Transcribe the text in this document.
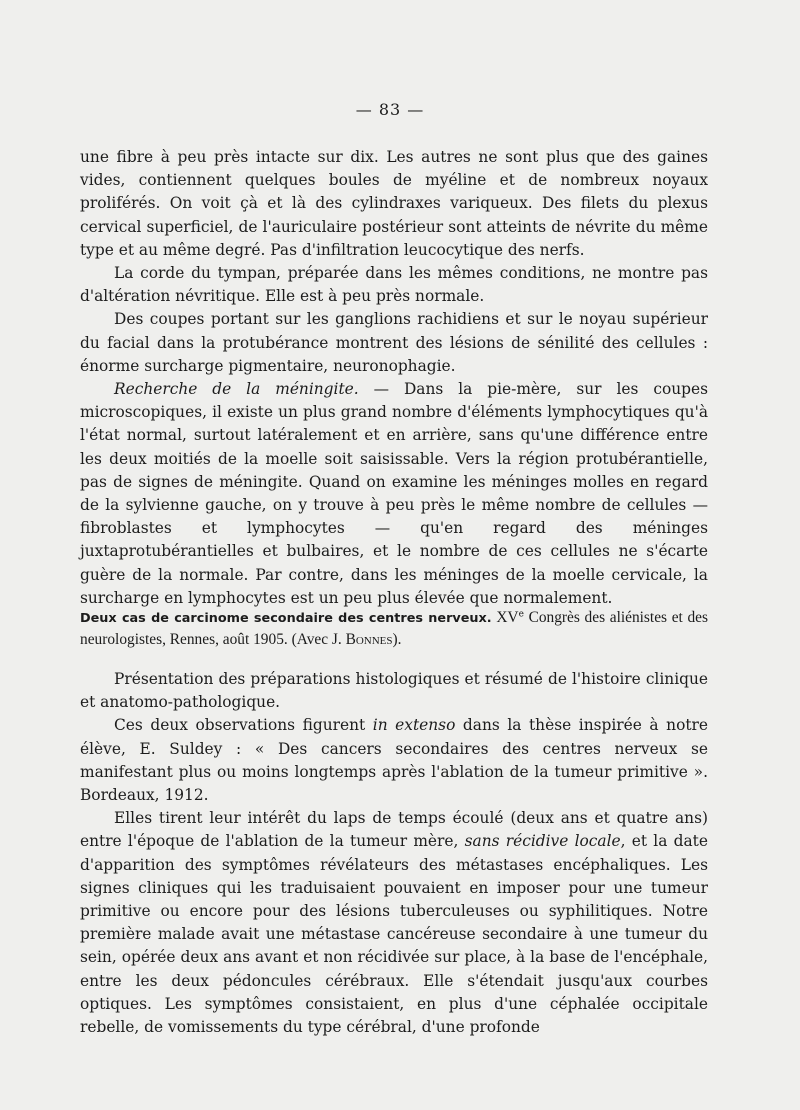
— 83 —

une fibre à peu près intacte sur dix. Les autres ne sont plus que des gaines vides, contiennent quelques boules de myéline et de nombreux noyaux proliférés. On voit çà et là des cylindraxes variqueux. Des filets du plexus cervical superficiel, de l'auriculaire postérieur sont atteints de névrite du même type et au même degré. Pas d'infiltration leucocytique des nerfs.

La corde du tympan, préparée dans les mêmes conditions, ne montre pas d'altération névritique. Elle est à peu près normale.

Des coupes portant sur les ganglions rachidiens et sur le noyau supérieur du facial dans la protubérance montrent des lésions de sénilité des cellules : énorme surcharge pigmentaire, neuronophagie.

Recherche de la méningite. — Dans la pie-mère, sur les coupes microscopiques, il existe un plus grand nombre d'éléments lymphocytiques qu'à l'état normal, surtout latéralement et en arrière, sans qu'une différence entre les deux moitiés de la moelle soit saisissable. Vers la région protubérantielle, pas de signes de méningite. Quand on examine les méninges molles en regard de la sylvienne gauche, on y trouve à peu près le même nombre de cellules — fibroblastes et lymphocytes — qu'en regard des méninges juxtaprotubérantielles et bulbaires, et le nombre de ces cellules ne s'écarte guère de la normale. Par contre, dans les méninges de la moelle cervicale, la surcharge en lymphocytes est un peu plus élevée que normalement.

Deux cas de carcinome secondaire des centres nerveux. XVe Congrès des aliénistes et des neurologistes, Rennes, août 1905. (Avec J. Bonnes).

Présentation des préparations histologiques et résumé de l'histoire clinique et anatomo-pathologique.

Ces deux observations figurent in extenso dans la thèse inspirée à notre élève, E. Suldey : « Des cancers secondaires des centres nerveux se manifestant plus ou moins longtemps après l'ablation de la tumeur primitive ». Bordeaux, 1912.

Elles tirent leur intérêt du laps de temps écoulé (deux ans et quatre ans) entre l'époque de l'ablation de la tumeur mère, sans récidive locale, et la date d'apparition des symptômes révélateurs des métastases encéphaliques. Les signes cliniques qui les traduisaient pouvaient en imposer pour une tumeur primitive ou encore pour des lésions tuberculeuses ou syphilitiques. Notre première malade avait une métastase cancéreuse secondaire à une tumeur du sein, opérée deux ans avant et non récidivée sur place, à la base de l'encéphale, entre les deux pédoncules cérébraux. Elle s'étendait jusqu'aux courbes optiques. Les symptômes consistaient, en plus d'une céphalée occipitale rebelle, de vomissements du type cérébral, d'une profonde
